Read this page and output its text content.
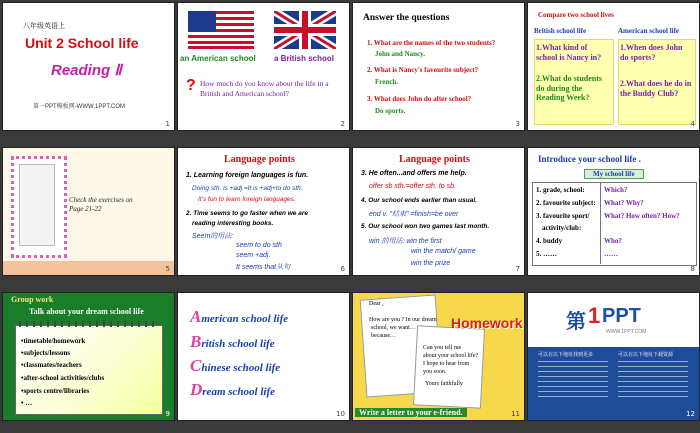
八年级英语上
Unit 2 School life
Reading Ⅱ
第一PPT模板网-WWW.1PPT.COM
1
an American school a British school
? How much do you know about the life in a British and American school?
2
Answer the questions
1. What are the names of the two students?
John and Nancy.
2. What is Nancy's favourite subject?
French.
3. What does John do after school?
Do sports.
3
Compare two school lives
British school life	American school life
1.What kind of school is Nancy in?
2.What do students do during the Reading Week?
1.When does John do sports?
2.What does he do in the Buddy Club?
4
Check the exercises on Page 21-22
5
Language points
1. Learning foreign languages is fun.
Doing sth. is +adj.=It is +adj+to do sth.
It's fun to learn foreign languages.
2. Time seems to go faster when we are
reading interesting books.
Seem的用法:
seem to do sth
seem +adj.
It seems that从句	6
Language points
3. He often...and offers me help.
offer sb sth.=offer sth. to sb.
4. Our school ends earlier than usual.
end v. "结束" =finish=be over
5. Our school won two games last month.
win 的用法: win the first
win the match/ game
win the prize
7
Introduce your school life .
My school life
1. grade, school:	Which?
2. favourite subject: What? Why?
3. favourite sport/ What? How often? How?
activity/club:
4. buddy	Who?
5. ……	……
8
Group work
Talk about your dream school life
•timetable/homework
•subjects/lessons
•classmates/teachers
•after-school activities/clubs
•sports centre/libraries
• …
9
American school life
British school life
Chinese school life
Dream school life
10
Dear ,
How are you ? In our dream
school, we want…
because…
Can you tell me
about your school life?
I hope to hear from
you soon.
Yours faithfully
Homework
Write a letter to your e-friend.	11
第 1 PPT
WWW.1PPT.COM
可以在以下地址找到更多	可以在以下地址下载资源
12
